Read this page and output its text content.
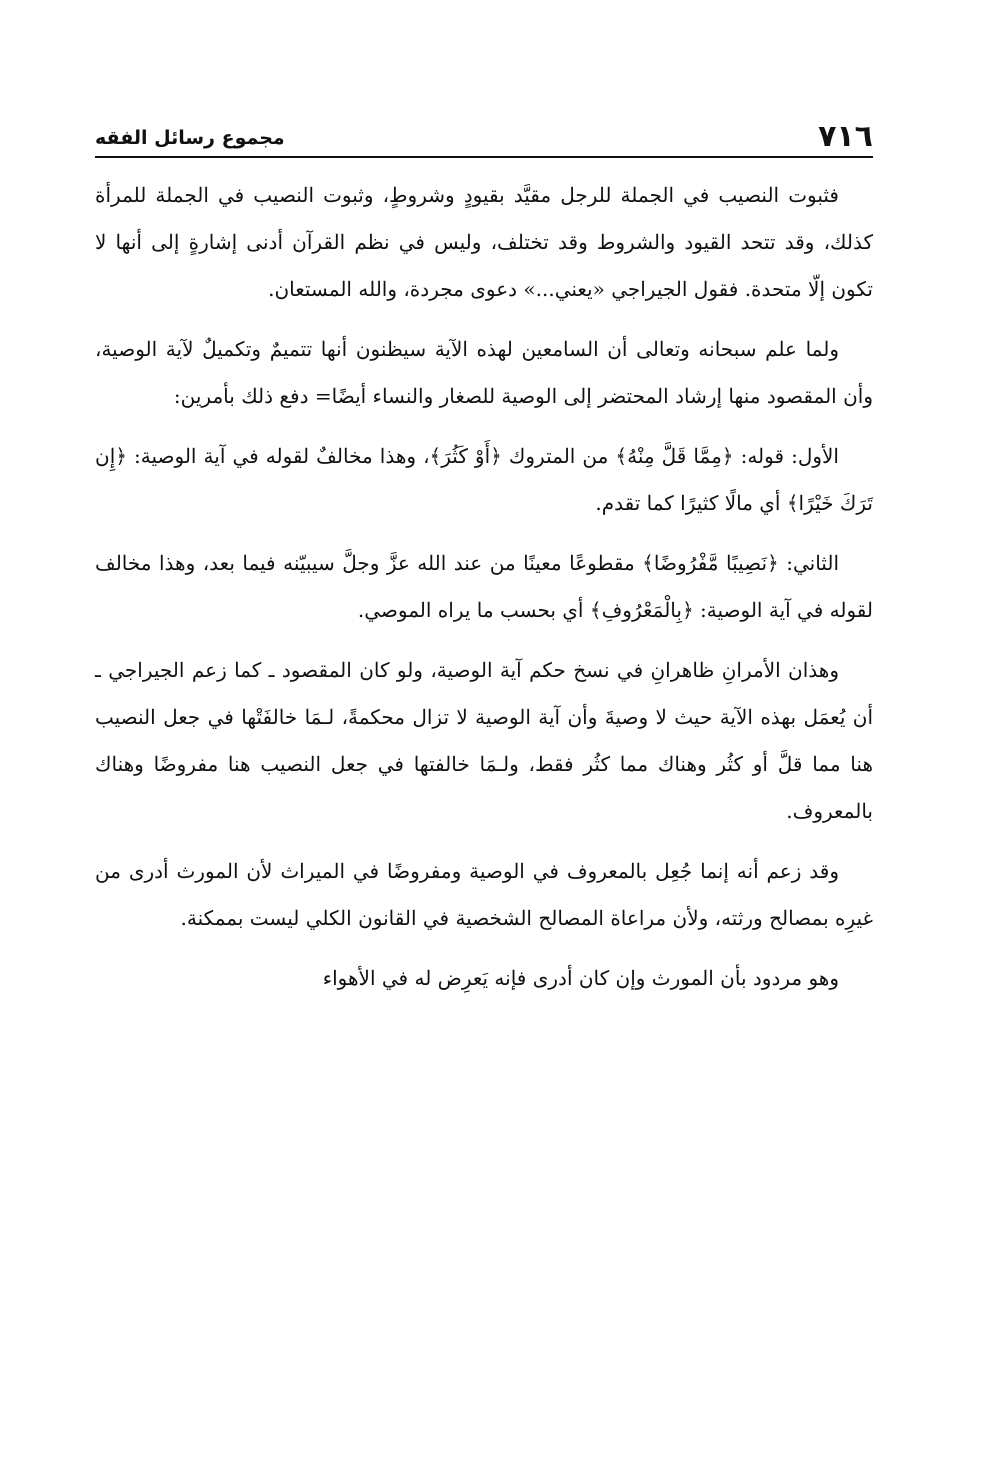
٧١٦
مجموع رسائل الفقه

فثبوت النصيب في الجملة للرجل مقيَّد بقيودٍ وشروطٍ، وثبوت النصيب في الجملة للمرأة كذلك، وقد تتحد القيود والشروط وقد تختلف، وليس في نظم القرآن أدنى إشارةٍ إلى أنها لا تكون إلّا متحدة. فقول الجيراجي «يعني...» دعوى مجردة، والله المستعان.

ولما علم سبحانه وتعالى أن السامعين لهذه الآية سيظنون أنها تتميمٌ وتكميلٌ لآية الوصية، وأن المقصود منها إرشاد المحتضر إلى الوصية للصغار والنساء أيضًا= دفع ذلك بأمرين:

الأول: قوله: ﴿مِمَّا قَلَّ مِنْهُ﴾ من المتروك ﴿أَوْ كَثُرَ﴾، وهذا مخالفٌ لقوله في آية الوصية: ﴿إِن تَرَكَ خَيْرًا﴾ أي مالًا كثيرًا كما تقدم.

الثاني: ﴿نَصِيبًا مَّفْرُوضًا﴾ مقطوعًا معينًا من عند الله عزَّ وجلَّ سيبيّنه فيما بعد، وهذا مخالف لقوله في آية الوصية: ﴿بِالْمَعْرُوفِ﴾ أي بحسب ما يراه الموصي.

وهذان الأمرانِ ظاهرانِ في نسخ حكم آية الوصية، ولو كان المقصود ـ كما زعم الجيراجي ـ أن يُعمَل بهذه الآية حيث لا وصيةَ وأن آية الوصية لا تزال محكمةً، لـمَا خالفَتْها في جعل النصيب هنا مما قلَّ أو كثُر وهناك مما كثُر فقط، ولـمَا خالفتها في جعل النصيب هنا مفروضًا وهناك بالمعروف.

وقد زعم أنه إنما جُعِل بالمعروف في الوصية ومفروضًا في الميراث لأن المورث أدرى من غيرِه بمصالح ورثته، ولأن مراعاة المصالح الشخصية في القانون الكلي ليست بممكنة.

وهو مردود بأن المورث وإن كان أدرى فإنه يَعرِض له في الأهواء
